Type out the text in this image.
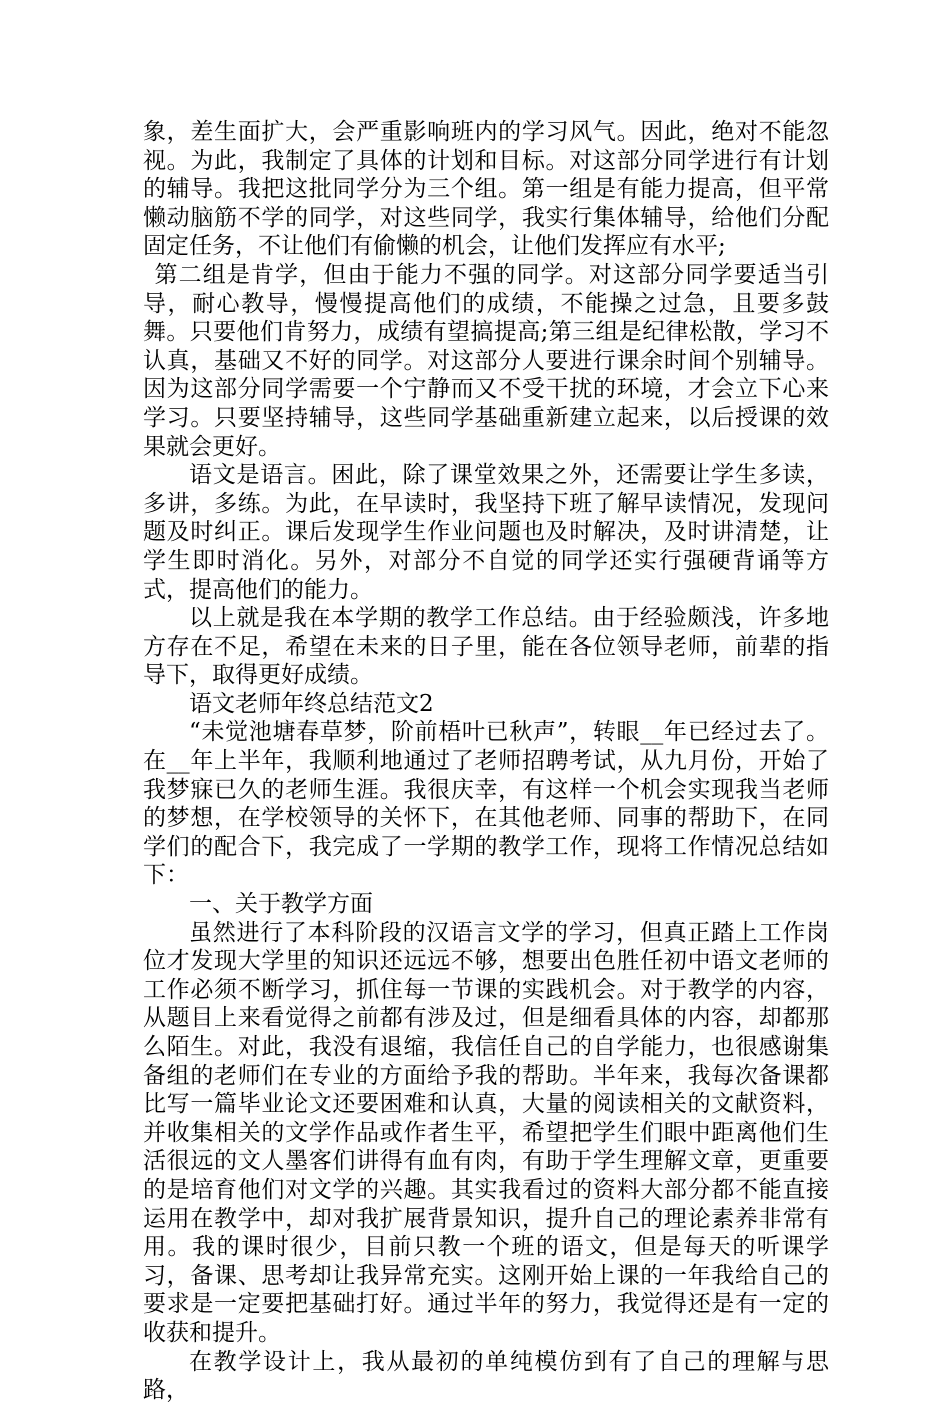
象，差生面扩大，会严重影响班内的学习风气。因此，绝对不能忽视。为此，我制定了具体的计划和目标。对这部分同学进行有计划的辅导。我把这批同学分为三个组。第一组是有能力提高，但平常懒动脑筋不学的同学，对这些同学，我实行集体辅导，给他们分配固定任务，不让他们有偷懒的机会，让他们发挥应有水平;

第二组是肯学，但由于能力不强的同学。对这部分同学要适当引导，耐心教导，慢慢提高他们的成绩，不能操之过急，且要多鼓舞。只要他们肯努力，成绩有望搞提高;第三组是纪律松散，学习不认真，基础又不好的同学。对这部分人要进行课余时间个别辅导。因为这部分同学需要一个宁静而又不受干扰的环境，才会立下心来学习。只要坚持辅导，这些同学基础重新建立起来，以后授课的效果就会更好。

语文是语言。困此，除了课堂效果之外，还需要让学生多读，多讲，多练。为此，在早读时，我坚持下班了解早读情况，发现问题及时纠正。课后发现学生作业问题也及时解决，及时讲清楚，让学生即时消化。另外，对部分不自觉的同学还实行强硬背诵等方式，提高他们的能力。

以上就是我在本学期的教学工作总结。由于经验颇浅，许多地方存在不足，希望在未来的日子里，能在各位领导老师，前辈的指导下，取得更好成绩。

语文老师年终总结范文2

“未觉池塘春草梦，阶前梧叶已秋声”，转眼__年已经过去了。在__年上半年，我顺利地通过了老师招聘考试，从九月份，开始了我梦寐已久的老师生涯。我很庆幸，有这样一个机会实现我当老师的梦想，在学校领导的关怀下，在其他老师、同事的帮助下，在同学们的配合下，我完成了一学期的教学工作，现将工作情况总结如下：

一、关于教学方面

虽然进行了本科阶段的汉语言文学的学习，但真正踏上工作岗位才发现大学里的知识还远远不够，想要出色胜任初中语文老师的工作必须不断学习，抓住每一节课的实践机会。对于教学的内容，从题目上来看觉得之前都有涉及过，但是细看具体的内容，却都那么陌生。对此，我没有退缩，我信任自己的自学能力，也很感谢集备组的老师们在专业的方面给予我的帮助。半年来，我每次备课都比写一篇毕业论文还要困难和认真，大量的阅读相关的文献资料，并收集相关的文学作品或作者生平，希望把学生们眼中距离他们生活很远的文人墨客们讲得有血有肉，有助于学生理解文章，更重要的是培育他们对文学的兴趣。其实我看过的资料大部分都不能直接运用在教学中，却对我扩展背景知识，提升自己的理论素养非常有用。我的课时很少，目前只教一个班的语文，但是每天的听课学习，备课、思考却让我异常充实。这刚开始上课的一年我给自己的要求是一定要把基础打好。通过半年的努力，我觉得还是有一定的收获和提升。

在教学设计上，我从最初的单纯模仿到有了自己的理解与思路，
